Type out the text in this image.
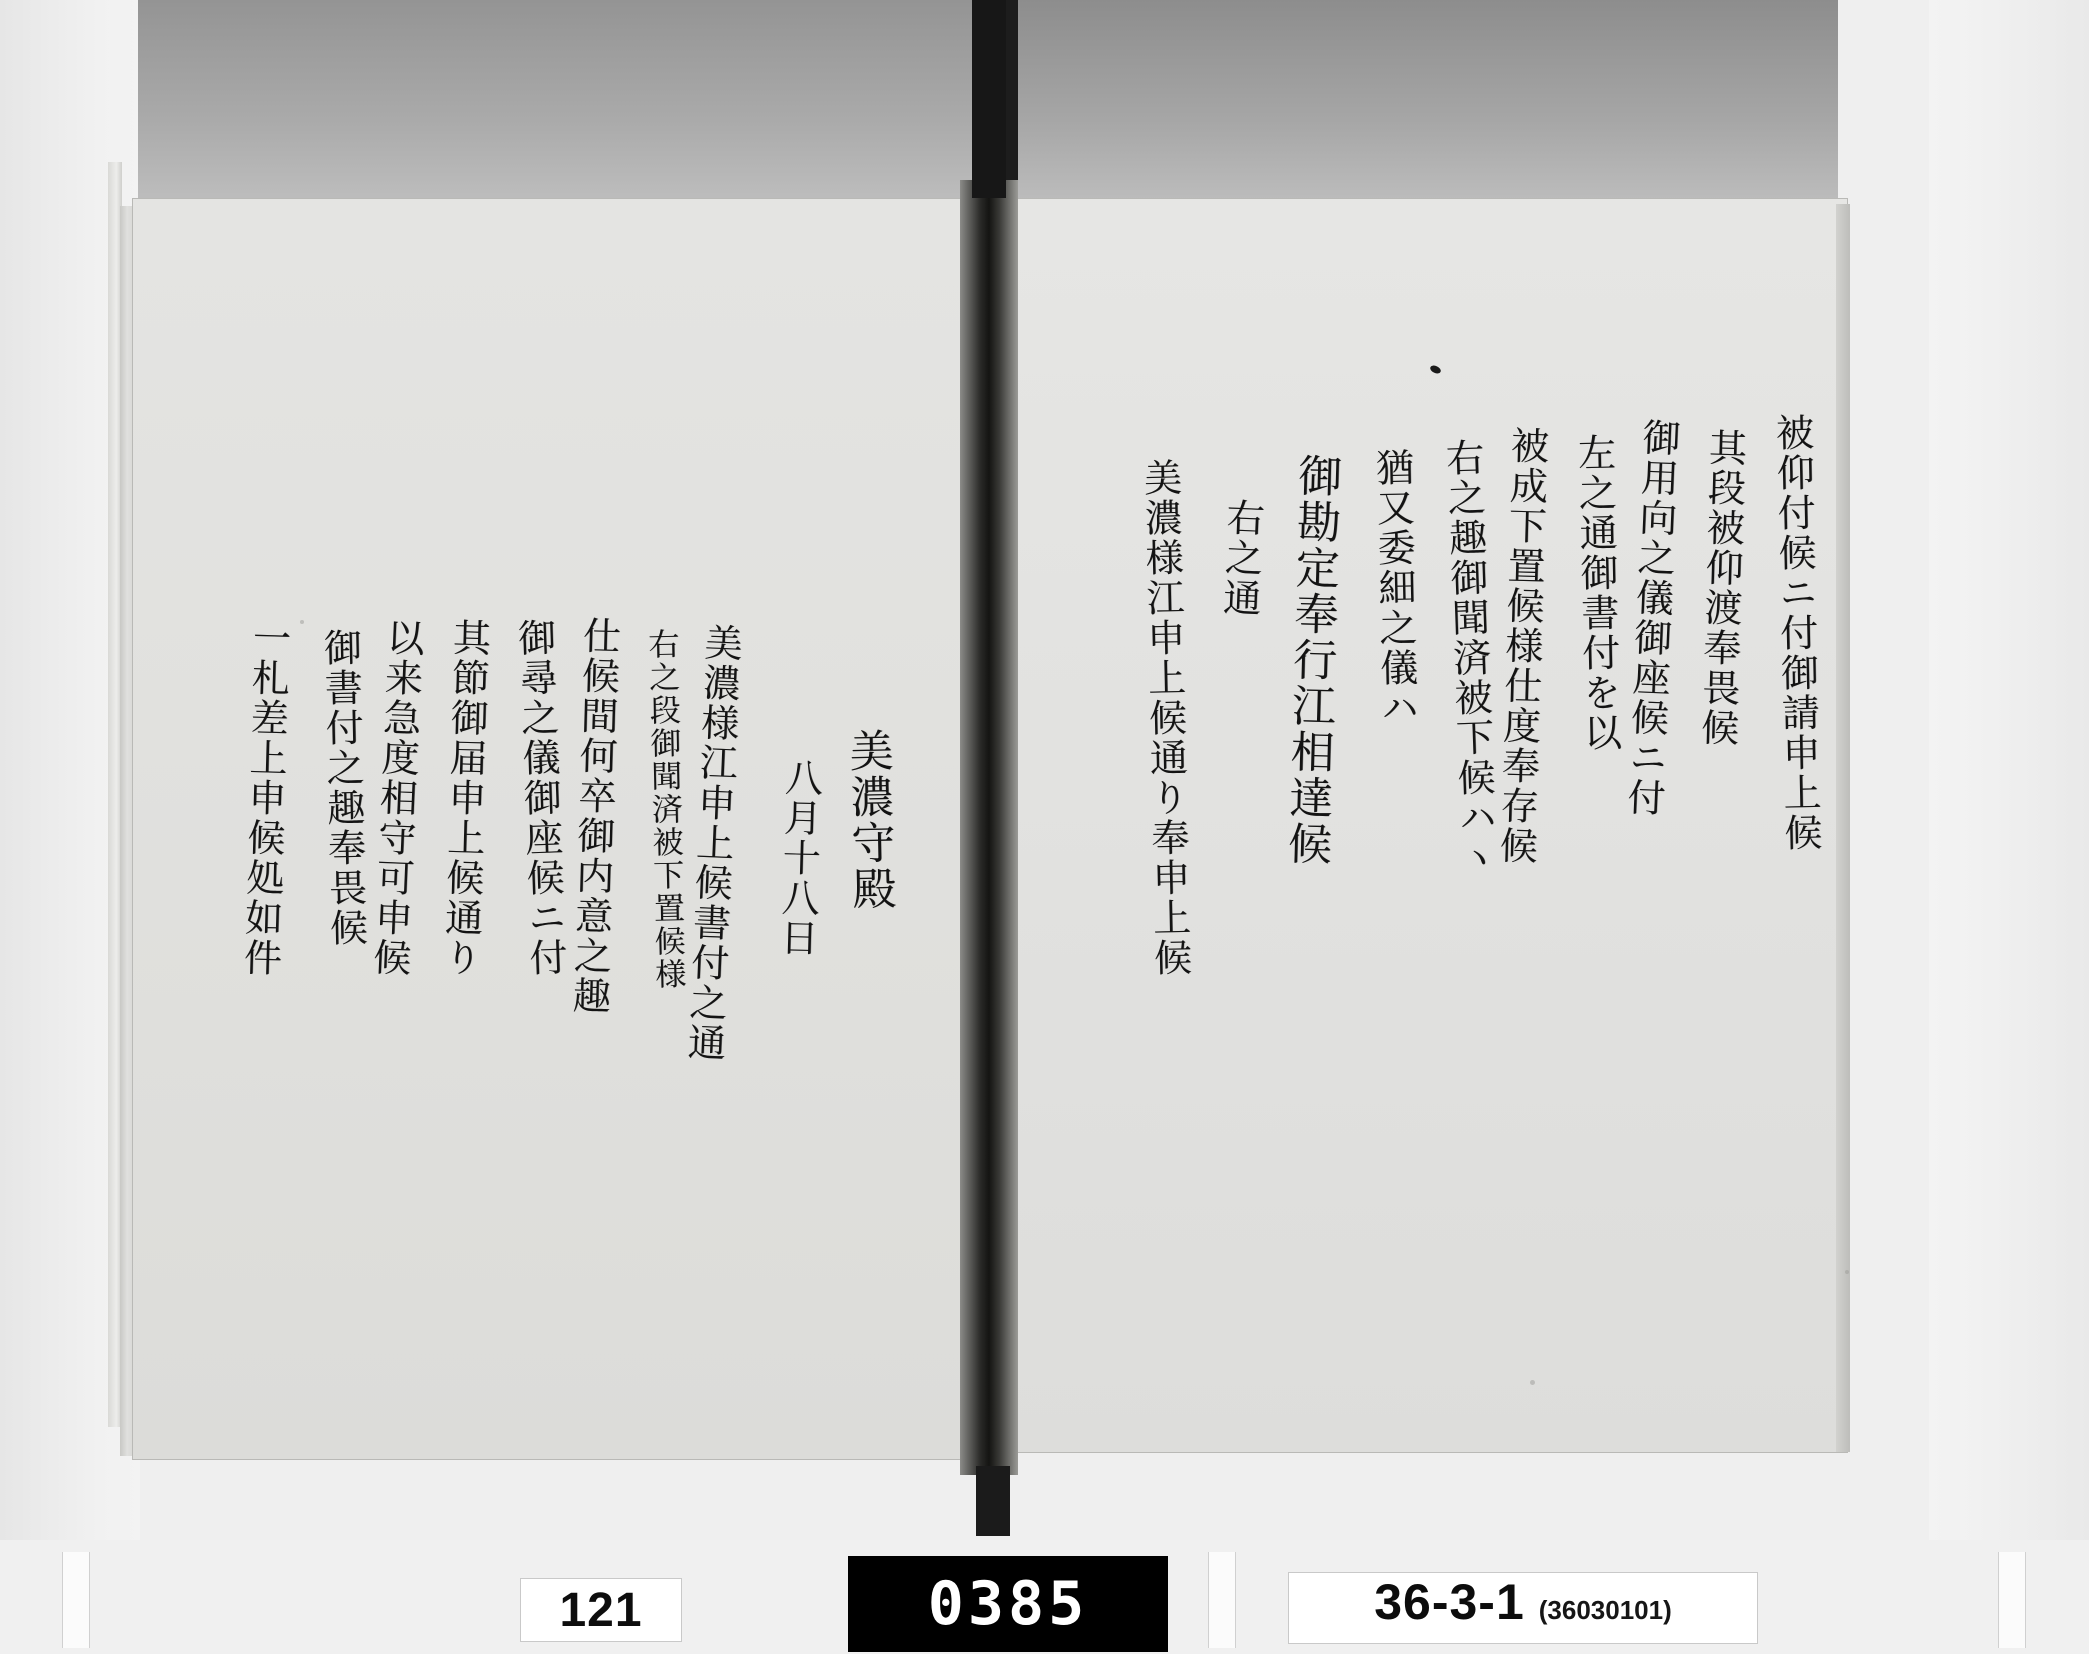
美濃守殿
八月十八日
美濃様江申上候書付之通
右之段御聞済被下置候様
仕候間何卒御内意之趣
御尋之儀御座候ニ付
其節御届申上候通り
以来急度相守可申候
御書付之趣奉畏候
一札差上申候処如件	被仰付候ニ付御請申上候
其段被仰渡奉畏候
御用向之儀御座候ニ付
左之通御書付を以
被成下置候様仕度奉存候
右之趣御聞済被下候ハヽ
猶又委細之儀ハ
御勘定奉行江相達候
右之通
美濃様江申上候通り奉申上候
121	0385	36-3-1 (36030101)
